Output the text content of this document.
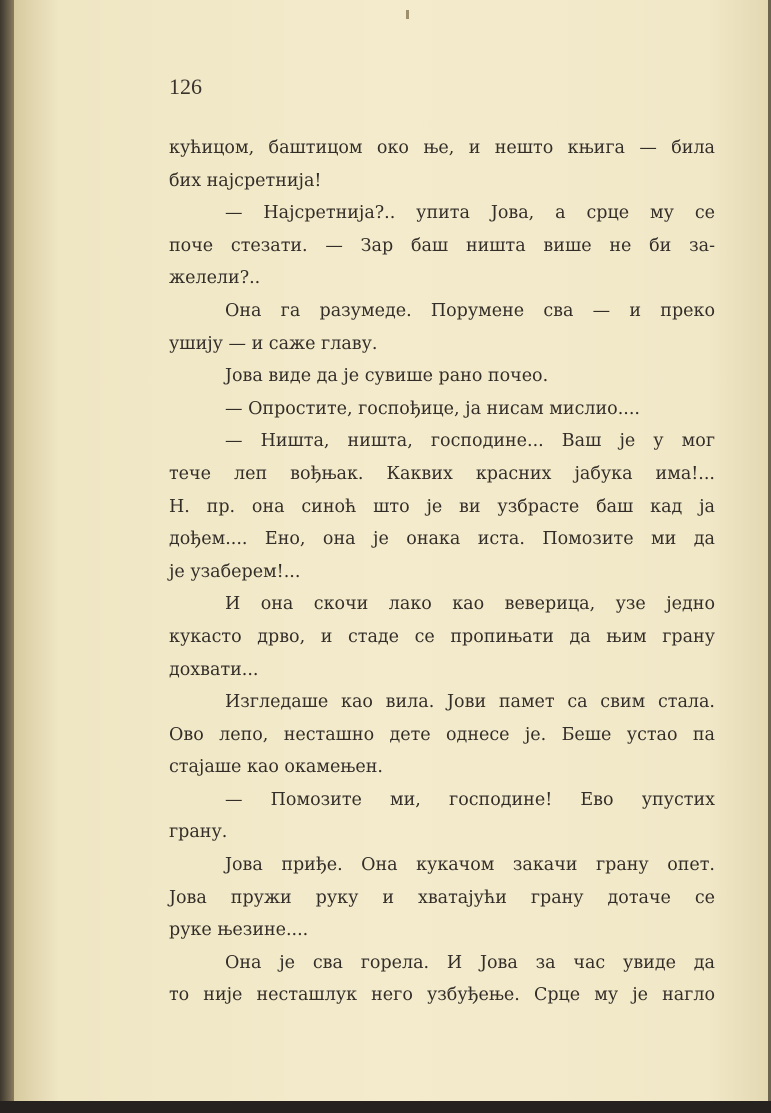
126
кућицом, баштицом око ње, и нешто књига — била
бих најсретнија!
— Најсретнија?.. упита Јова, а срце му се
поче стезати. — Зар баш ништа више не би за-
желели?..
Она га разумеде. Порумене сва — и преко
ушију — и саже главу.
Јова виде да је сувише рано почео.
— Опростите, госпођице, ја нисам мислио....
— Ништа, ништа, господине... Ваш је у мог
тече леп вођњак. Каквих красних јабука има!...
Н. пр. она синоћ што је ви узбрасте баш кад ја
дођем.... Ено, она је онака иста. Помозите ми да
је узаберем!...
И она скочи лако као веверица, узе једно
кукасто дрво, и стаде се пропињати да њим грану
дохвати...
Изгледаше као вила. Јови памет са свим стала.
Ово лепо, несташно дете однесе је. Беше устао па
стајаше као окамењен.
— Помозите ми, господине! Ево упустих
грану.
Јова приђе. Она кукачом закачи грану опет.
Јова пружи руку и хватајући грану дотаче се
руке њезине....
Она је сва горела. И Јова за час увиде да
то није несташлук него узбуђење. Срце му је нагло
